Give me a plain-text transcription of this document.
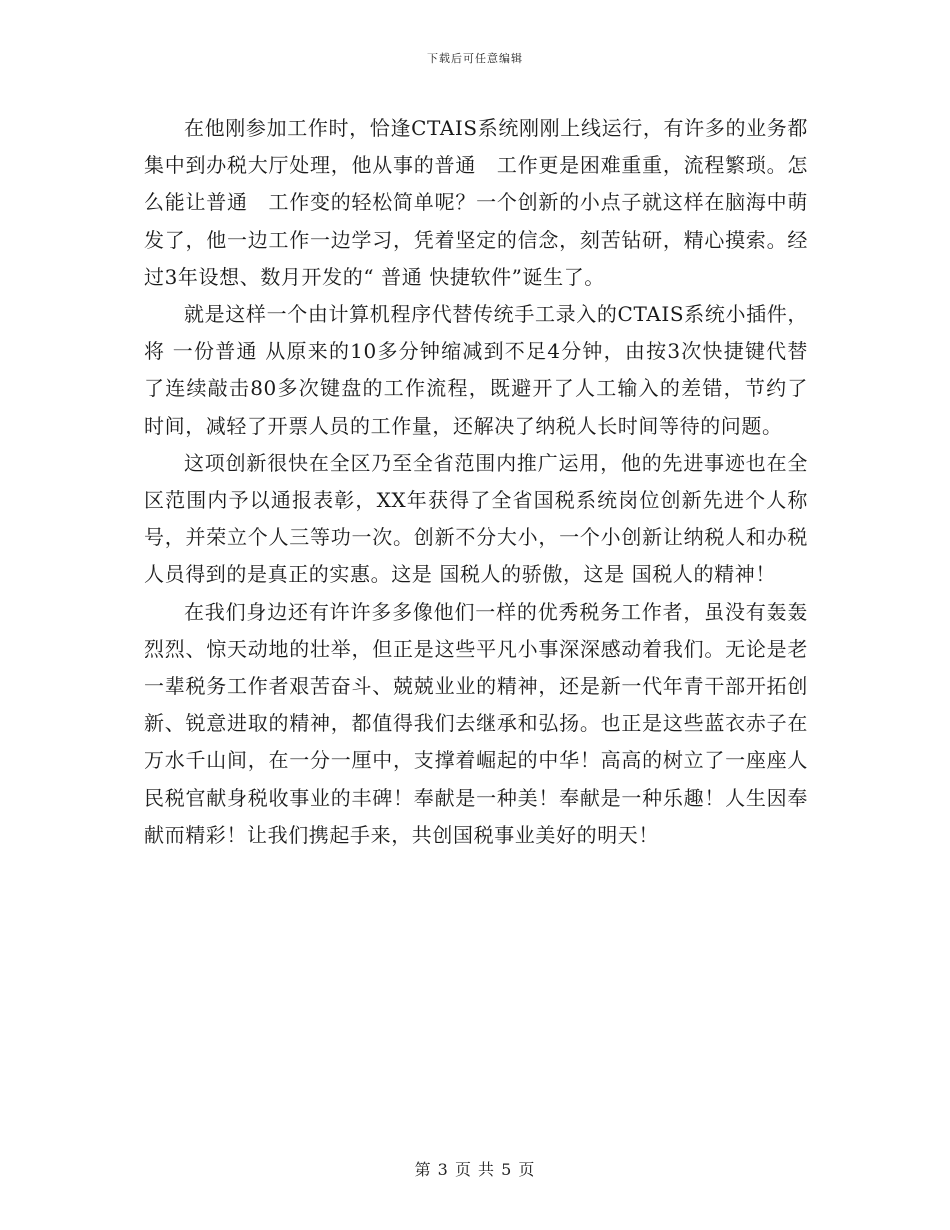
下载后可任意编辑

在他刚参加工作时，恰逢CTAIS系统刚刚上线运行，有许多的业务都集中到办税大厅处理，他从事的普通　工作更是困难重重，流程繁琐。怎么能让普通　工作变的轻松简单呢？一个创新的小点子就这样在脑海中萌发了，他一边工作一边学习，凭着坚定的信念，刻苦钻研，精心摸索。经过3年设想、数月开发的“ 普通 快捷软件”诞生了。

就是这样一个由计算机程序代替传统手工录入的CTAIS系统小插件，将 一份普通 从原来的10多分钟缩减到不足4分钟，由按3次快捷键代替了连续敲击80多次键盘的工作流程，既避开了人工输入的差错，节约了时间，减轻了开票人员的工作量，还解决了纳税人长时间等待的问题。

这项创新很快在全区乃至全省范围内推广运用，他的先进事迹也在全区范围内予以通报表彰，XX年获得了全省国税系统岗位创新先进个人称号，并荣立个人三等功一次。创新不分大小，一个小创新让纳税人和办税人员得到的是真正的实惠。这是 国税人的骄傲，这是 国税人的精神！

在我们身边还有许许多多像他们一样的优秀税务工作者，虽没有轰轰烈烈、惊天动地的壮举，但正是这些平凡小事深深感动着我们。无论是老一辈税务工作者艰苦奋斗、兢兢业业的精神，还是新一代年青干部开拓创新、锐意进取的精神，都值得我们去继承和弘扬。也正是这些蓝衣赤子在万水千山间，在一分一厘中，支撑着崛起的中华！高高的树立了一座座人民税官献身税收事业的丰碑！奉献是一种美！奉献是一种乐趣！人生因奉献而精彩！让我们携起手来，共创国税事业美好的明天！

第 3 页 共 5 页
